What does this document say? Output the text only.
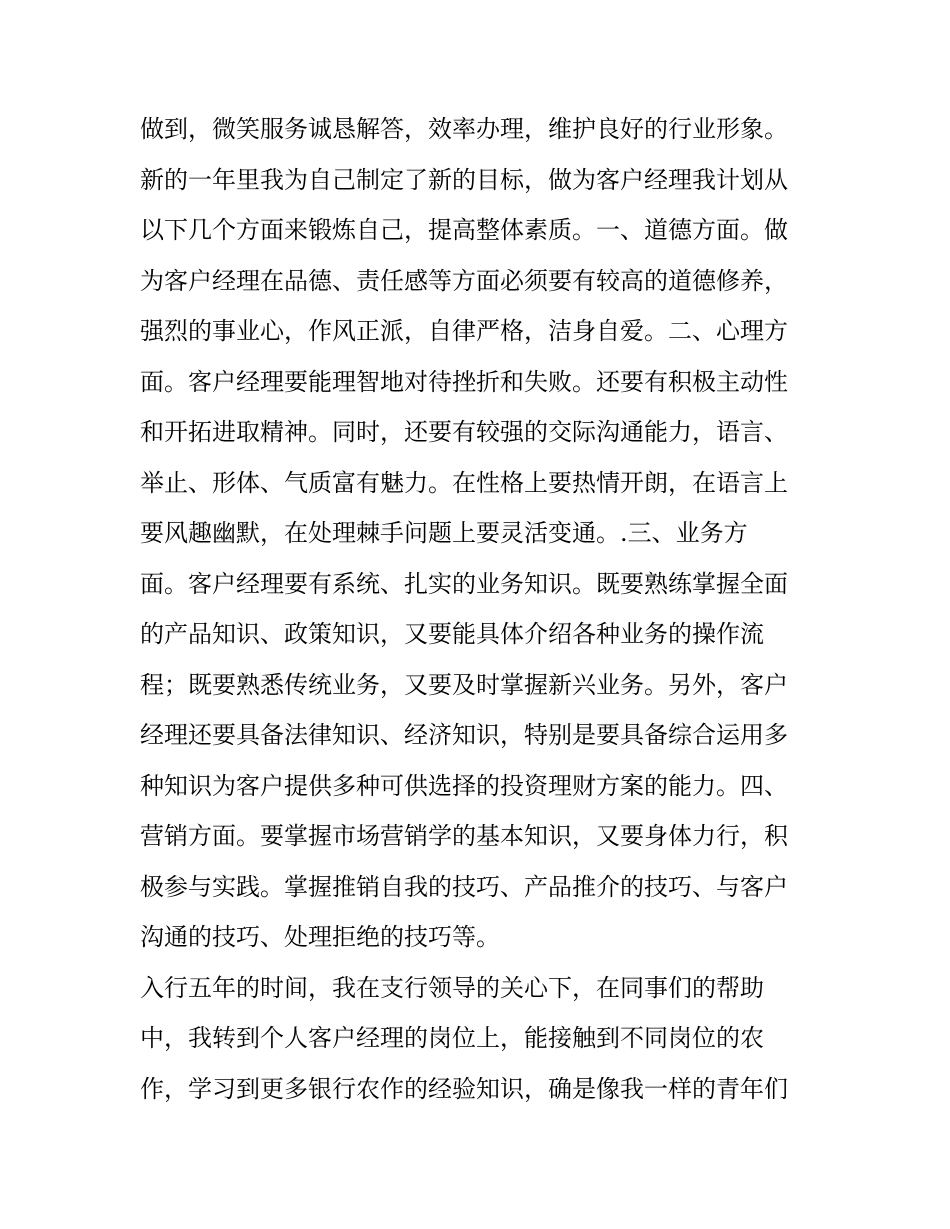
做到，微笑服务诚恳解答，效率办理，维护良好的行业形象。
新的一年里我为自己制定了新的目标，做为客户经理我计划从
以下几个方面来锻炼自己，提高整体素质。一、道德方面。做
为客户经理在品德、责任感等方面必须要有较高的道德修养，
强烈的事业心，作风正派，自律严格，洁身自爱。二、心理方
面。客户经理要能理智地对待挫折和失败。还要有积极主动性
和开拓进取精神。同时，还要有较强的交际沟通能力，语言、
举止、形体、气质富有魅力。在性格上要热情开朗，在语言上
要风趣幽默，在处理棘手问题上要灵活变通。.三、业务方
面。客户经理要有系统、扎实的业务知识。既要熟练掌握全面
的产品知识、政策知识，又要能具体介绍各种业务的操作流
程；既要熟悉传统业务，又要及时掌握新兴业务。另外，客户
经理还要具备法律知识、经济知识，特别是要具备综合运用多
种知识为客户提供多种可供选择的投资理财方案的能力。四、
营销方面。要掌握市场营销学的基本知识，又要身体力行，积
极参与实践。掌握推销自我的技巧、产品推介的技巧、与客户
沟通的技巧、处理拒绝的技巧等。
入行五年的时间，我在支行领导的关心下，在同事们的帮助
中，我转到个人客户经理的岗位上，能接触到不同岗位的农
作，学习到更多银行农作的经验知识，确是像我一样的青年们
